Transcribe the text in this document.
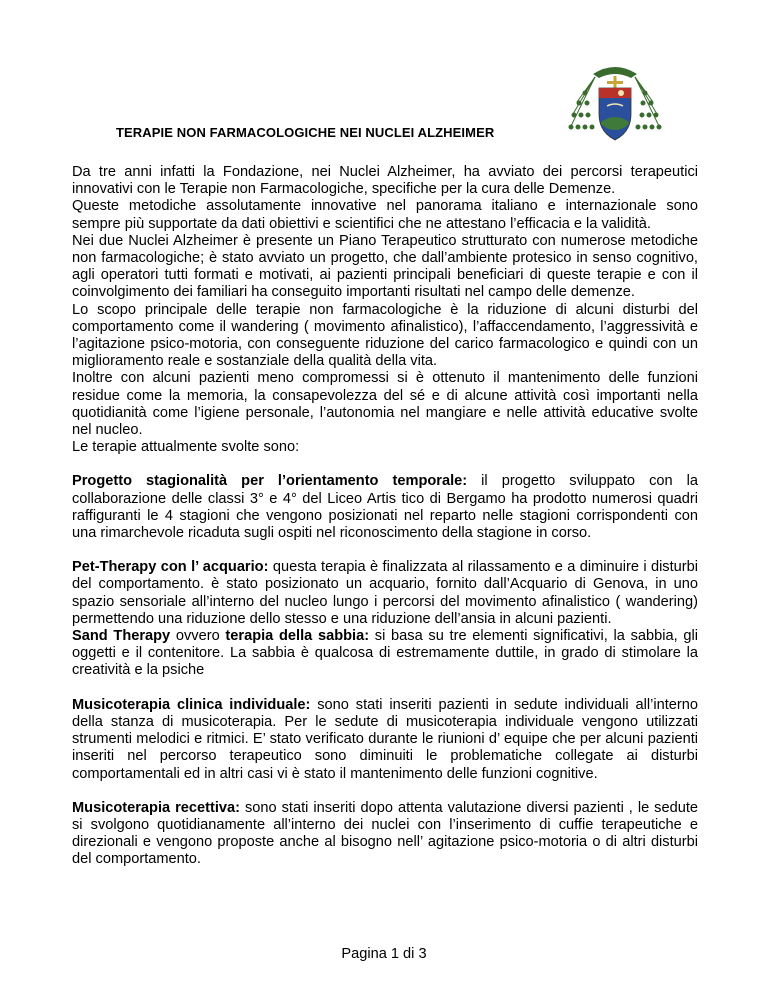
TERAPIE NON FARMACOLOGICHE NEI NUCLEI ALZHEIMER

Da tre anni infatti la Fondazione, nei Nuclei Alzheimer, ha avviato dei percorsi terapeutici innovativi con le Terapie non Farmacologiche, specifiche per la cura delle Demenze.

Queste metodiche assolutamente innovative nel panorama italiano e internazionale sono sempre più supportate da dati obiettivi e scientifici che ne attestano l’efficacia e la validità.

Nei due Nuclei Alzheimer è presente un Piano Terapeutico strutturato con numerose metodiche non farmacologiche; è stato avviato un progetto, che dall’ambiente protesico in senso cognitivo, agli operatori tutti formati e motivati, ai pazienti principali beneficiari di queste terapie e con il coinvolgimento dei familiari ha conseguito importanti risultati nel campo delle demenze.

Lo scopo principale delle terapie non farmacologiche è la riduzione di alcuni disturbi del comportamento come il wandering ( movimento afinalistico), l’affaccendamento, l’aggressività e l’agitazione psico-motoria, con conseguente riduzione del carico farmacologico e quindi con un miglioramento reale e sostanziale della qualità della vita.

Inoltre con alcuni pazienti meno compromessi si è ottenuto il mantenimento delle funzioni residue come la memoria, la consapevolezza del sé e di alcune attività così importanti nella quotidianità come l’igiene personale, l’autonomia nel mangiare e nelle attività educative svolte nel nucleo.

Le terapie attualmente svolte sono:

Progetto stagionalità per l’orientamento temporale: il progetto sviluppato con la collaborazione delle classi 3° e 4° del Liceo Artis tico di Bergamo ha prodotto numerosi quadri raffiguranti le 4 stagioni che vengono posizionati nel reparto nelle stagioni corrispondenti con una rimarchevole ricaduta sugli ospiti nel riconoscimento della stagione in corso.

Pet-Therapy con l’ acquario: questa terapia è finalizzata al rilassamento e a diminuire i disturbi del comportamento. è stato posizionato un acquario, fornito dall’Acquario di Genova, in uno spazio sensoriale all’interno del nucleo lungo i percorsi del movimento afinalistico ( wandering) permettendo una riduzione dello stesso e una riduzione dell’ansia in alcuni pazienti.

Sand Therapy ovvero terapia della sabbia: si basa su tre elementi significativi, la sabbia, gli oggetti e il contenitore. La sabbia è qualcosa di estremamente duttile, in grado di stimolare la creatività e la psiche

Musicoterapia clinica individuale: sono stati inseriti pazienti in sedute individuali all’interno della stanza di musicoterapia. Per le sedute di musicoterapia individuale vengono utilizzati strumenti melodici e ritmici. E’ stato verificato durante le riunioni d’ equipe che per alcuni pazienti inseriti nel percorso terapeutico sono diminuiti le problematiche collegate ai disturbi comportamentali ed in altri casi vi è stato il mantenimento delle funzioni cognitive.

Musicoterapia recettiva: sono stati inseriti dopo attenta valutazione diversi pazienti , le sedute si svolgono quotidianamente all’interno dei nuclei con l’inserimento di cuffie terapeutiche e direzionali e vengono proposte anche al bisogno nell’ agitazione psico-motoria o di altri disturbi del comportamento.

Pagina 1 di 3
